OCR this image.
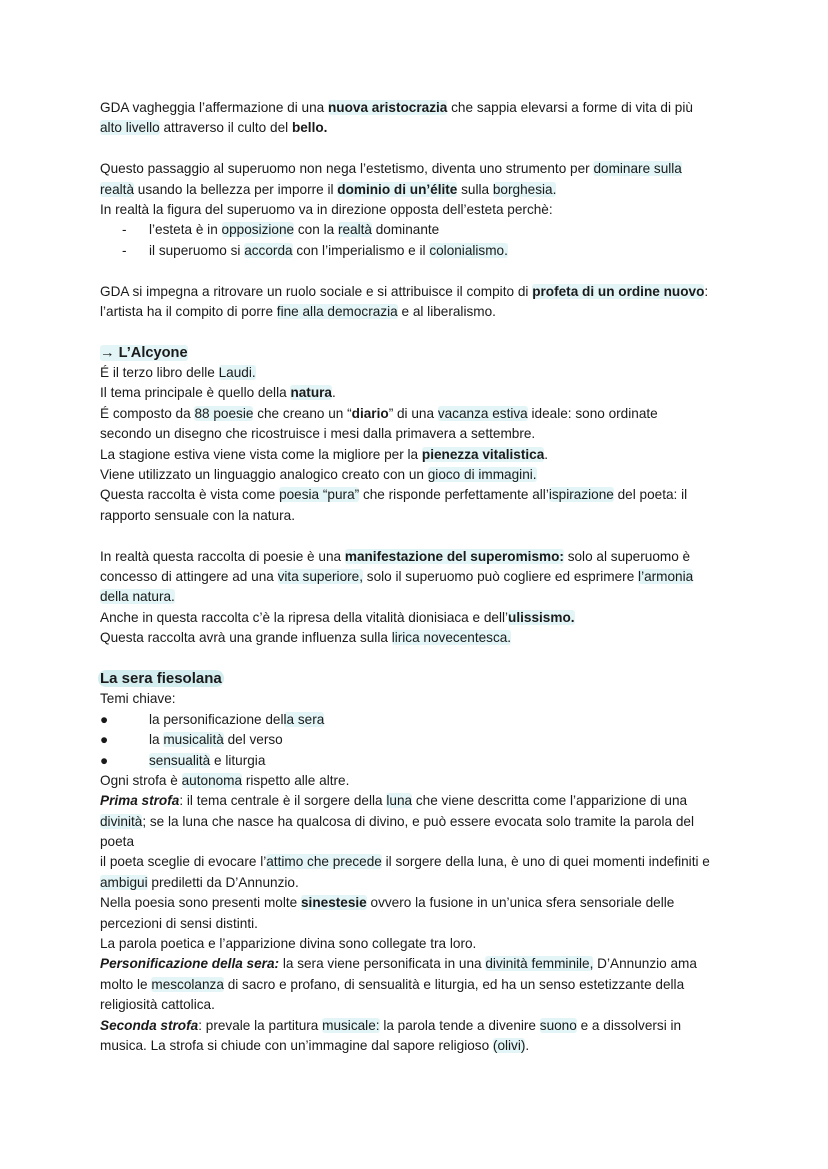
GDA vagheggia l’affermazione di una nuova aristocrazia che sappia elevarsi a forme di vita di più
alto livello attraverso il culto del bello.
Questo passaggio al superuomo non nega l’estetismo, diventa uno strumento per dominare sulla
realtà usando la bellezza per imporre il dominio di un’élite sulla borghesia.
In realtà la figura del superuomo va in direzione opposta dell’esteta perchè:
- l’esteta è in opposizione con la realtà dominante
- il superuomo si accorda con l’imperialismo e il colonialismo.
GDA si impegna a ritrovare un ruolo sociale e si attribuisce il compito di profeta di un ordine nuovo:
l’artista ha il compito di porre fine alla democrazia e al liberalismo.
→ L’Alcyone
É il terzo libro delle Laudi.
Il tema principale è quello della natura.
É composto da 88 poesie che creano un “diario” di una vacanza estiva ideale: sono ordinate
secondo un disegno che ricostruisce i mesi dalla primavera a settembre.
La stagione estiva viene vista come la migliore per la pienezza vitalistica.
Viene utilizzato un linguaggio analogico creato con un gioco di immagini.
Questa raccolta è vista come poesia “pura” che risponde perfettamente all’ispirazione del poeta: il
rapporto sensuale con la natura.
In realtà questa raccolta di poesie è una manifestazione del superomismo: solo al superuomo è
concesso di attingere ad una vita superiore, solo il superuomo può cogliere ed esprimere l’armonia
della natura.
Anche in questa raccolta c’è la ripresa della vitalità dionisiaca e dell’ulissismo.
Questa raccolta avrà una grande influenza sulla lirica novecentesca.
La sera fiesolana
Temi chiave:
●	la personificazione della sera
●	la musicalità del verso
●	sensualità e liturgia
Ogni strofa è autonoma rispetto alle altre.
Prima strofa: il tema centrale è il sorgere della luna che viene descritta come l’apparizione di una
divinità; se la luna che nasce ha qualcosa di divino, e può essere evocata solo tramite la parola del
poeta
il poeta sceglie di evocare l’attimo che precede il sorgere della luna, è uno di quei momenti indefiniti e
ambigui prediletti da D’Annunzio.
Nella poesia sono presenti molte sinestesie ovvero la fusione in un’unica sfera sensoriale delle
percezioni di sensi distinti.
La parola poetica e l’apparizione divina sono collegate tra loro.
Personificazione della sera: la sera viene personificata in una divinità femminile, D’Annunzio ama
molto le mescolanza di sacro e profano, di sensualità e liturgia, ed ha un senso estetizzante della
religiosità cattolica.
Seconda strofa: prevale la partitura musicale: la parola tende a divenire suono e a dissolversi in
musica. La strofa si chiude con un’immagine dal sapore religioso (olivi).
